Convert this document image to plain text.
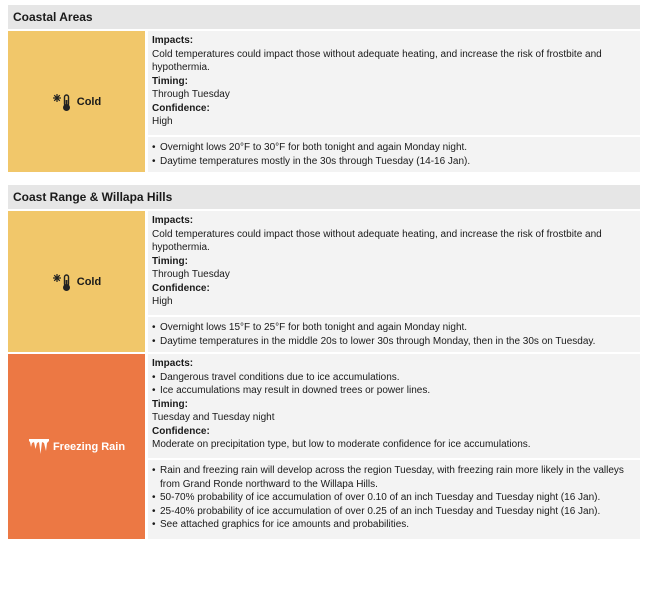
Coastal Areas
Cold
Impacts:
Cold temperatures could impact those without adequate heating, and increase the risk of frostbite and hypothermia.
Timing:
Through Tuesday
Confidence:
High
• Overnight lows 20°F to 30°F for both tonight and again Monday night.
• Daytime temperatures mostly in the 30s through Tuesday (14-16 Jan).
Coast Range & Willapa Hills
Cold
Impacts:
Cold temperatures could impact those without adequate heating, and increase the risk of frostbite and hypothermia.
Timing:
Through Tuesday
Confidence:
High
• Overnight lows 15°F to 25°F for both tonight and again Monday night.
• Daytime temperatures in the middle 20s to lower 30s through Monday, then in the 30s on Tuesday.
Freezing Rain
Impacts:
• Dangerous travel conditions due to ice accumulations.
• Ice accumulations may result in downed trees or power lines.
Timing:
Tuesday and Tuesday night
Confidence:
Moderate on precipitation type, but low to moderate confidence for ice accumulations.
• Rain and freezing rain will develop across the region Tuesday, with freezing rain more likely in the valleys from Grand Ronde northward to the Willapa Hills.
• 50-70% probability of ice accumulation of over 0.10 of an inch Tuesday and Tuesday night (16 Jan).
• 25-40% probability of ice accumulation of over 0.25 of an inch Tuesday and Tuesday night (16 Jan).
• See attached graphics for ice amounts and probabilities.
